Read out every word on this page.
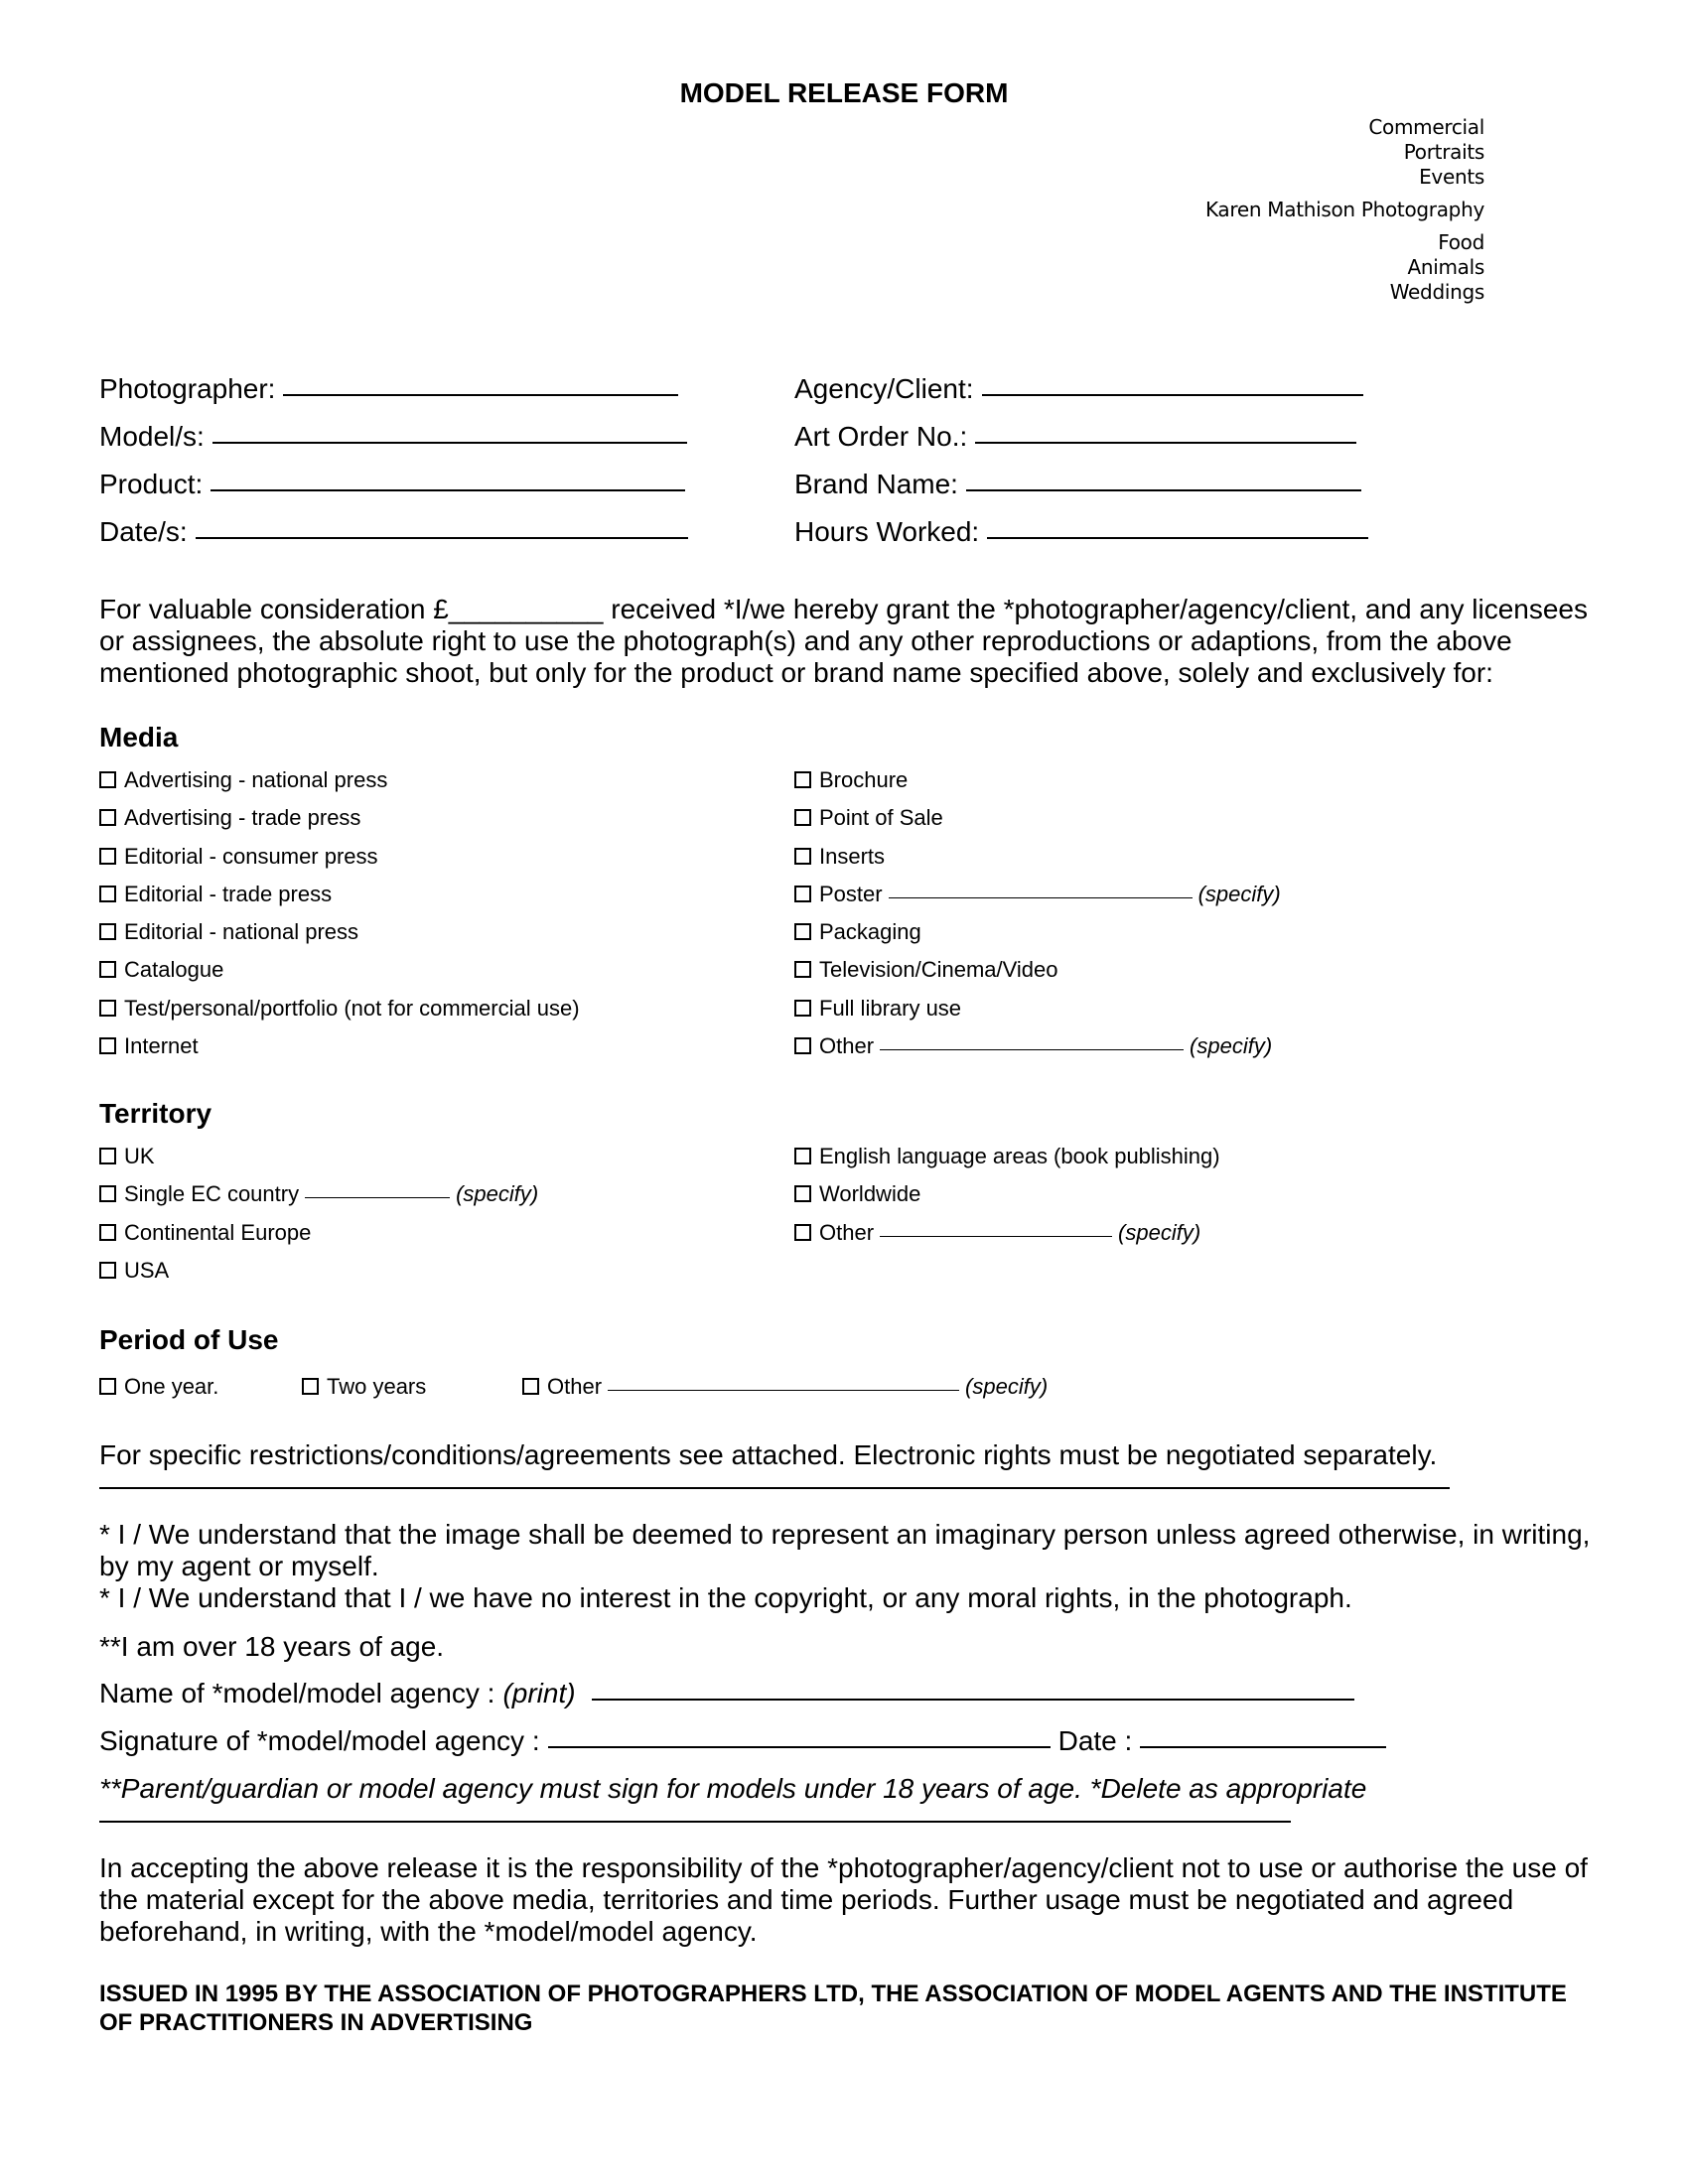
MODEL RELEASE FORM
Commercial
Portraits
Events
Karen Mathison Photography
Food
Animals
Weddings
Photographer:	Agency/Client:
Model/s:	Art Order No.:
Product:	Brand Name:
Date/s:	Hours Worked:

For valuable consideration £__________ received *I/we hereby grant the *photographer/agency/client, and any licensees or assignees, the absolute right to use the photograph(s) and any other reproductions or adaptions, from the above mentioned photographic shoot, but only for the product or brand name specified above, solely and exclusively for:

Media
Advertising - national press
Advertising - trade press
Editorial - consumer press
Editorial - trade press
Editorial - national press
Catalogue
Test/personal/portfolio (not for commercial use)
Internet
Brochure
Point of Sale
Inserts
Poster	(specify)
Packaging
Television/Cinema/Video
Full library use
Other	(specify)
Territory
UK
Single EC country	(specify)
Continental Europe
USA
English language areas (book publishing)
Worldwide
Other	(specify)
Period of Use
One year.	Two years	Other	(specify)

For specific restrictions/conditions/agreements see attached. Electronic rights must be negotiated separately.

* I / We understand that the image shall be deemed to represent an imaginary person unless agreed otherwise, in writing, by my agent or myself.

* I / We understand that I / we have no interest in the copyright, or any moral rights, in the photograph.

**I am over 18 years of age.

Name of *model/model agency : (print)
Signature of *model/model agency :	Date :

**Parent/guardian or model agency must sign for models under 18 years of age. *Delete as appropriate

In accepting the above release it is the responsibility of the *photographer/agency/client not to use or authorise the use of the material except for the above media, territories and time periods. Further usage must be negotiated and agreed beforehand, in writing, with the *model/model agency.

ISSUED IN 1995 BY THE ASSOCIATION OF PHOTOGRAPHERS LTD, THE ASSOCIATION OF MODEL AGENTS AND THE INSTITUTE OF PRACTITIONERS IN ADVERTISING
